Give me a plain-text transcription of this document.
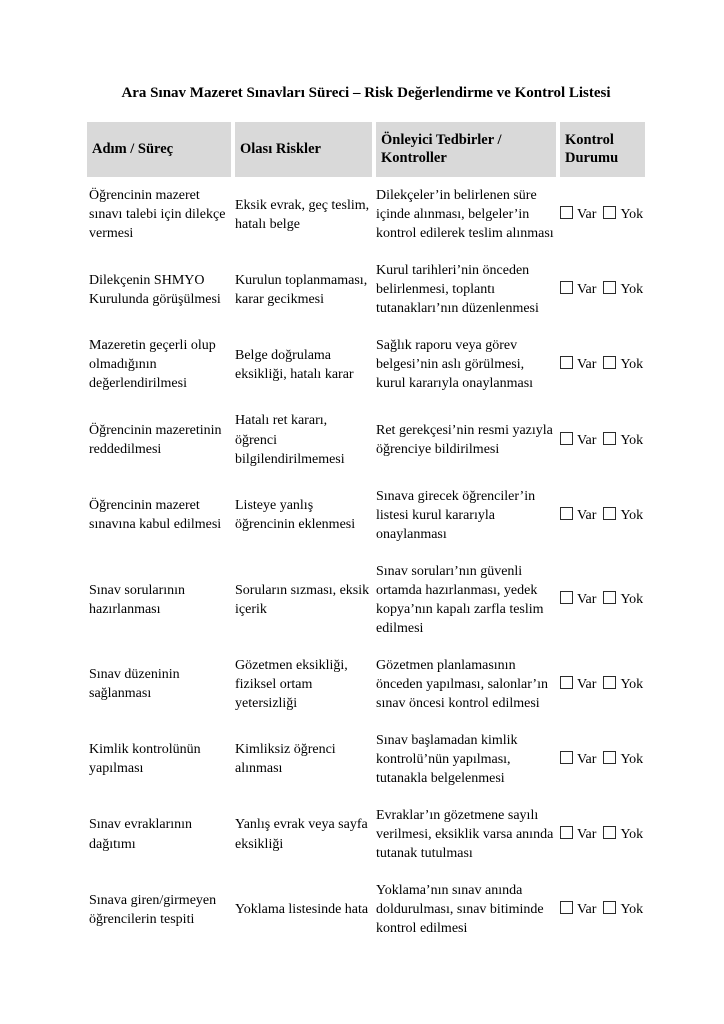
Ara Sınav Mazeret Sınavları Süreci – Risk Değerlendirme ve Kontrol Listesi
Adım / Süreç	Olası Riskler	Önleyici Tedbirler / Kontroller	Kontrol Durumu
Öğrencinin mazeret sınavı talebi için dilekçe vermesi	Eksik evrak, geç teslim, hatalı belge	Dilekçeler’in belirlenen süre içinde alınması, belgeler’in kontrol edilerek teslim alınması	Var Yok
Dilekçenin SHMYO Kurulunda görüşülmesi	Kurulun toplanmaması, karar gecikmesi	Kurul tarihleri’nin önceden belirlenmesi, toplantı tutanakları’nın düzenlenmesi	Var Yok
Mazeretin geçerli olup olmadığının değerlendirilmesi	Belge doğrulama eksikliği, hatalı karar	Sağlık raporu veya görev belgesi’nin aslı görülmesi, kurul kararıyla onaylanması	Var Yok
Öğrencinin mazeretinin reddedilmesi	Hatalı ret kararı, öğrenci bilgilendirilmemesi	Ret gerekçesi’nin resmi yazıyla öğrenciye bildirilmesi	Var Yok
Öğrencinin mazeret sınavına kabul edilmesi	Listeye yanlış öğrencinin eklenmesi	Sınava girecek öğrenciler’in listesi kurul kararıyla onaylanması	Var Yok
Sınav sorularının hazırlanması	Soruların sızması, eksik içerik	Sınav soruları’nın güvenli ortamda hazırlanması, yedek kopya’nın kapalı zarfla teslim edilmesi	Var Yok
Sınav düzeninin sağlanması	Gözetmen eksikliği, fiziksel ortam yetersizliği	Gözetmen planlamasının önceden yapılması, salonlar’ın sınav öncesi kontrol edilmesi	Var Yok
Kimlik kontrolünün yapılması	Kimliksiz öğrenci alınması	Sınav başlamadan kimlik kontrolü’nün yapılması, tutanakla belgelenmesi	Var Yok
Sınav evraklarının dağıtımı	Yanlış evrak veya sayfa eksikliği	Evraklar’ın gözetmene sayılı verilmesi, eksiklik varsa anında tutanak tutulması	Var Yok
Sınava giren/girmeyen öğrencilerin tespiti	Yoklama listesinde hata	Yoklama’nın sınav anında doldurulması, sınav bitiminde kontrol edilmesi	Var Yok
